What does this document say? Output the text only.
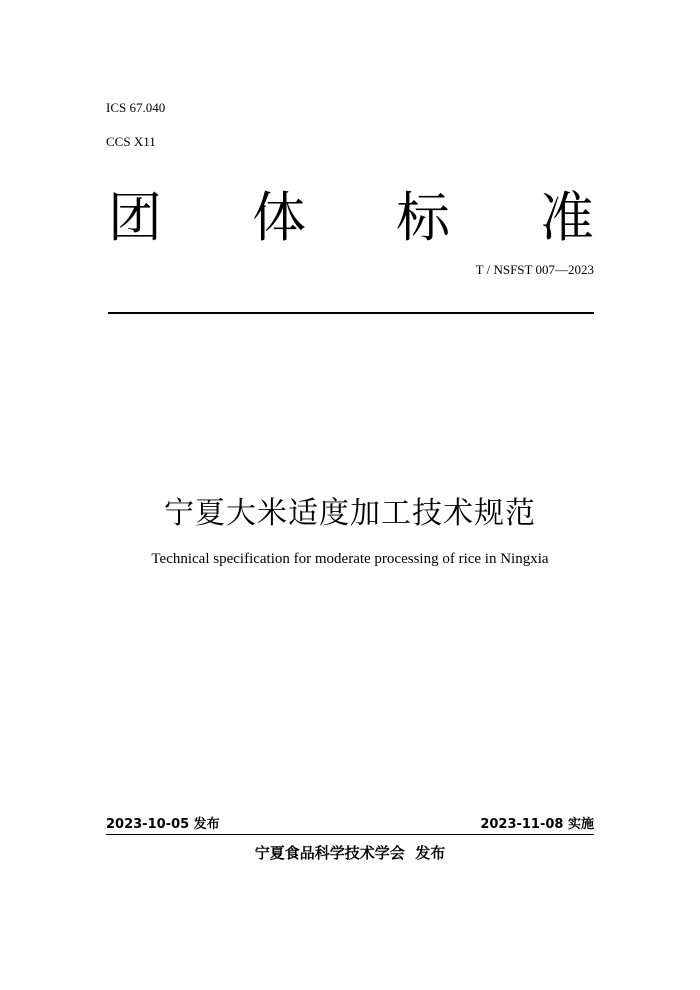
ICS 67.040
CCS X11
团 体 标 准
T / NSFST 007—2023
宁夏大米适度加工技术规范
Technical specification for moderate processing of rice in Ningxia
2023-10-05 发布	2023-11-08 实施
宁夏食品科学技术学会  发布
